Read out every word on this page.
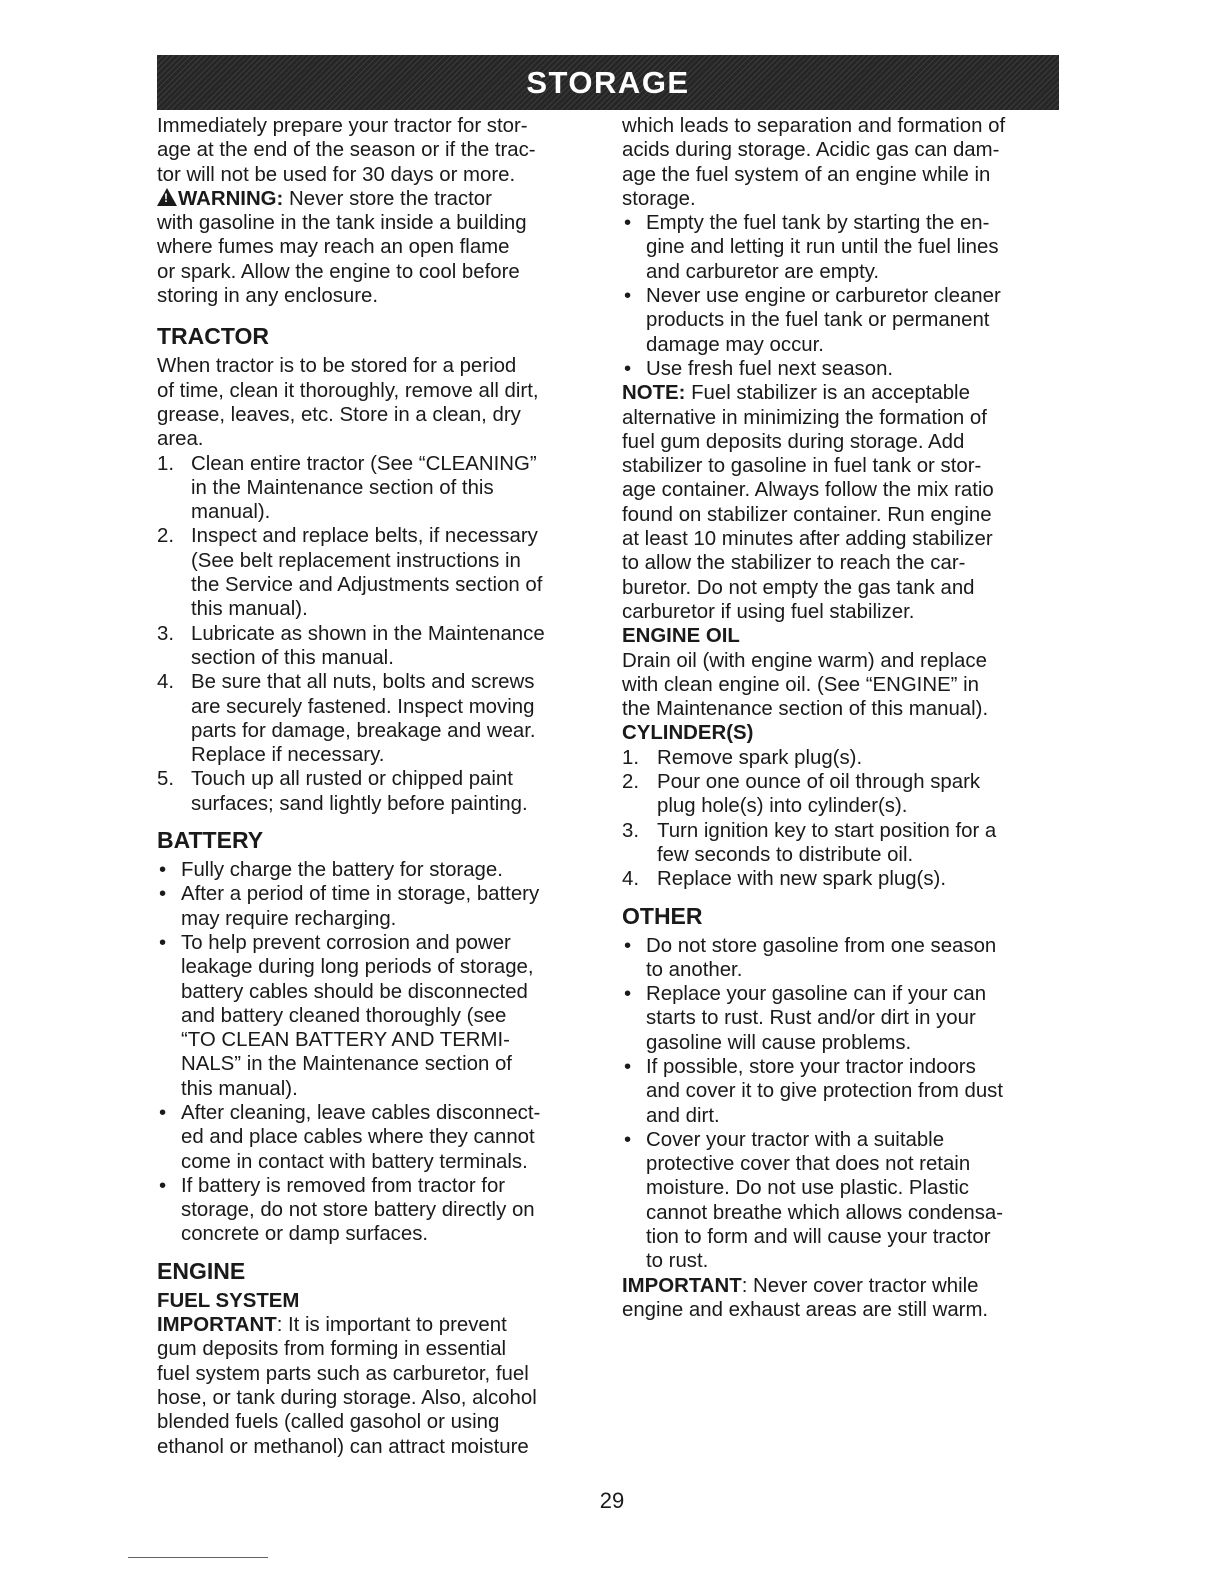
STORAGE

Immediately prepare your tractor for stor-
age at the end of the season or if the trac-
tor will not be used for 30 days or more.
!WARNING: Never store the tractor
with gasoline in the tank inside a building
where fumes may reach an open flame
or spark. Allow the engine to cool before
storing in any enclosure.

TRACTOR

When tractor is to be stored for a period
of time, clean it thoroughly, remove all dirt,
grease, leaves, etc. Store in a clean, dry
area.

1. Clean entire tractor (See “CLEANING”
in the Maintenance section of this
manual).
2. Inspect and replace belts, if necessary
(See belt replacement instructions in
the Service and Adjustments section of
this manual).
3. Lubricate as shown in the Maintenance
section of this manual.
4. Be sure that all nuts, bolts and screws
are securely fastened. Inspect moving
parts for damage, breakage and wear.
Replace if necessary.
5. Touch up all rusted or chipped paint
surfaces; sand lightly before painting.
BATTERY
• Fully charge the battery for storage.
• After a period of time in storage, battery
may require recharging.
• To help prevent corrosion and power
leakage during long periods of storage,
battery cables should be disconnected
and battery cleaned thoroughly (see
“TO CLEAN BATTERY AND TERMI-
NALS” in the Maintenance section of
this manual).
• After cleaning, leave cables disconnect-
ed and place cables where they cannot
come in contact with battery terminals.
• If battery is removed from tractor for
storage, do not store battery directly on
concrete or damp surfaces.
ENGINE
FUEL SYSTEM

IMPORTANT: It is important to prevent
gum deposits from forming in essential
fuel system parts such as carburetor, fuel
hose, or tank during storage. Also, alcohol
blended fuels (called gasohol or using
ethanol or methanol) can attract moisture

which leads to separation and formation of
acids during storage. Acidic gas can dam-
age the fuel system of an engine while in
storage.

• Empty the fuel tank by starting the en-
gine and letting it run until the fuel lines
and carburetor are empty.
• Never use engine or carburetor cleaner
products in the fuel tank or permanent
damage may occur.
• Use fresh fuel next season.

NOTE: Fuel stabilizer is an acceptable
alternative in minimizing the formation of
fuel gum deposits during storage. Add
stabilizer to gasoline in fuel tank or stor-
age container. Always follow the mix ratio
found on stabilizer container. Run engine
at least 10 minutes after adding stabilizer
to allow the stabilizer to reach the car-
buretor. Do not empty the gas tank and
carburetor if using fuel stabilizer.

ENGINE OIL

Drain oil (with engine warm) and replace
with clean engine oil. (See “ENGINE” in
the Maintenance section of this manual).

CYLINDER(S)
1. Remove spark plug(s).
2. Pour one ounce of oil through spark
plug hole(s) into cylinder(s).
3. Turn ignition key to start position for a
few seconds to distribute oil.
4. Replace with new spark plug(s).
OTHER
• Do not store gasoline from one season
to another.
• Replace your gasoline can if your can
starts to rust. Rust and/or dirt in your
gasoline will cause problems.
• If possible, store your tractor indoors
and cover it to give protection from dust
and dirt.
• Cover your tractor with a suitable
protective cover that does not retain
moisture. Do not use plastic. Plastic
cannot breathe which allows condensa-
tion to form and will cause your tractor
to rust.

IMPORTANT: Never cover tractor while
engine and exhaust areas are still warm.

29
